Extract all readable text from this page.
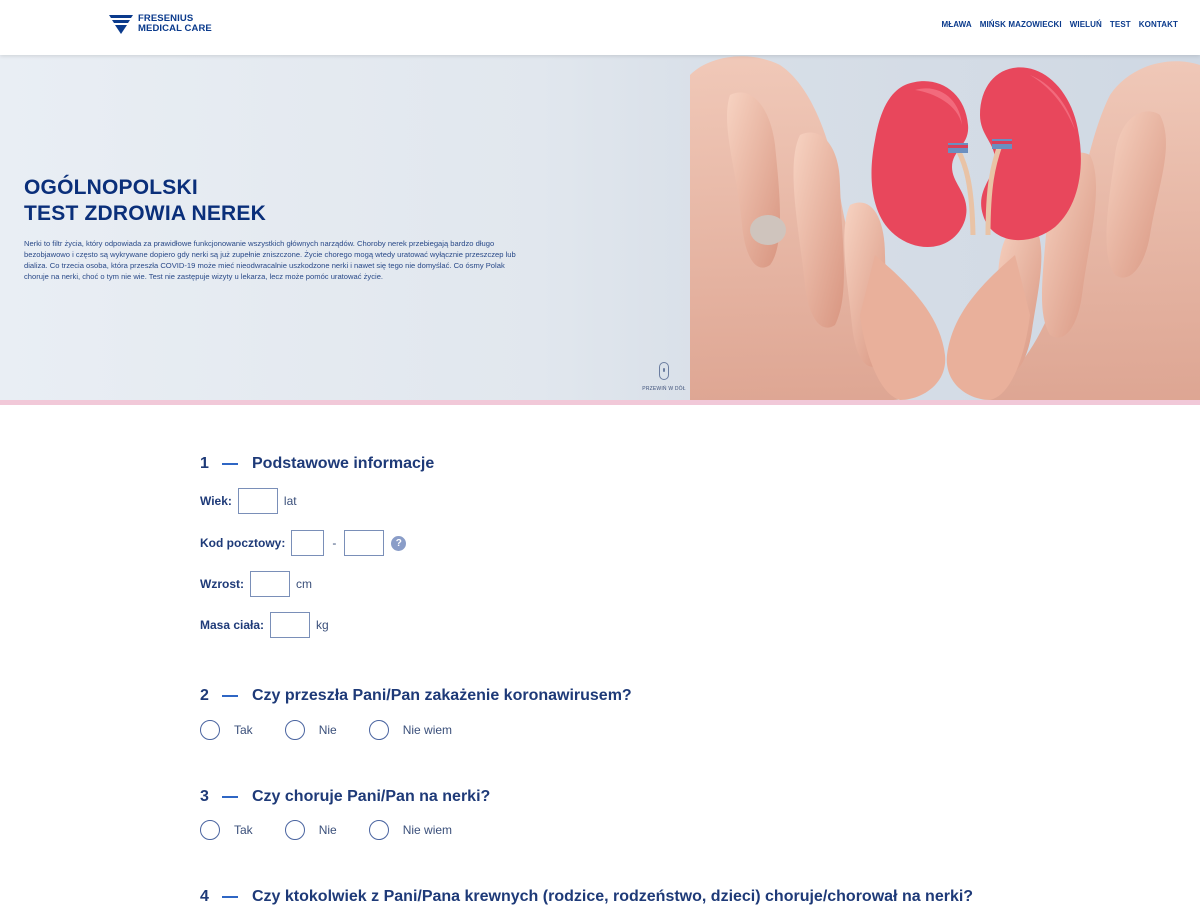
FRESENIUS
MEDICAL CARE	MŁAWA MIŃSK MAZOWIECKI WIELUŃ TEST KONTAKT
OGÓLNOPOLSKI
TEST ZDROWIA NEREK

Nerki to filtr życia, który odpowiada za prawidłowe funkcjonowanie wszystkich głównych narządów. Choroby nerek przebiegają bardzo długo bezobjawowo i często są wykrywane dopiero gdy nerki są już zupełnie zniszczone. Życie chorego mogą wtedy uratować wyłącznie przeszczep lub dializa. Co trzecia osoba, która przeszła COVID-19 może mieć nieodwracalnie uszkodzone nerki i nawet się tego nie domyślać. Co ósmy Polak choruje na nerki, choć o tym nie wie. Test nie zastępuje wizyty u lekarza, lecz może pomóc uratować życie.

PRZEWIŃ W DÓŁ
1	Podstawowe informacje
Wiek:	lat
Kod pocztowy:	-	?
Wzrost:	cm
Masa ciała:	kg
2	Czy przeszła Pani/Pan zakażenie koronawirusem?
Tak	Nie	Nie wiem
3	Czy choruje Pani/Pan na nerki?
Tak	Nie	Nie wiem
4	Czy ktokolwiek z Pani/Pana krewnych (rodzice, rodzeństwo, dzieci) choruje/chorował na nerki?
